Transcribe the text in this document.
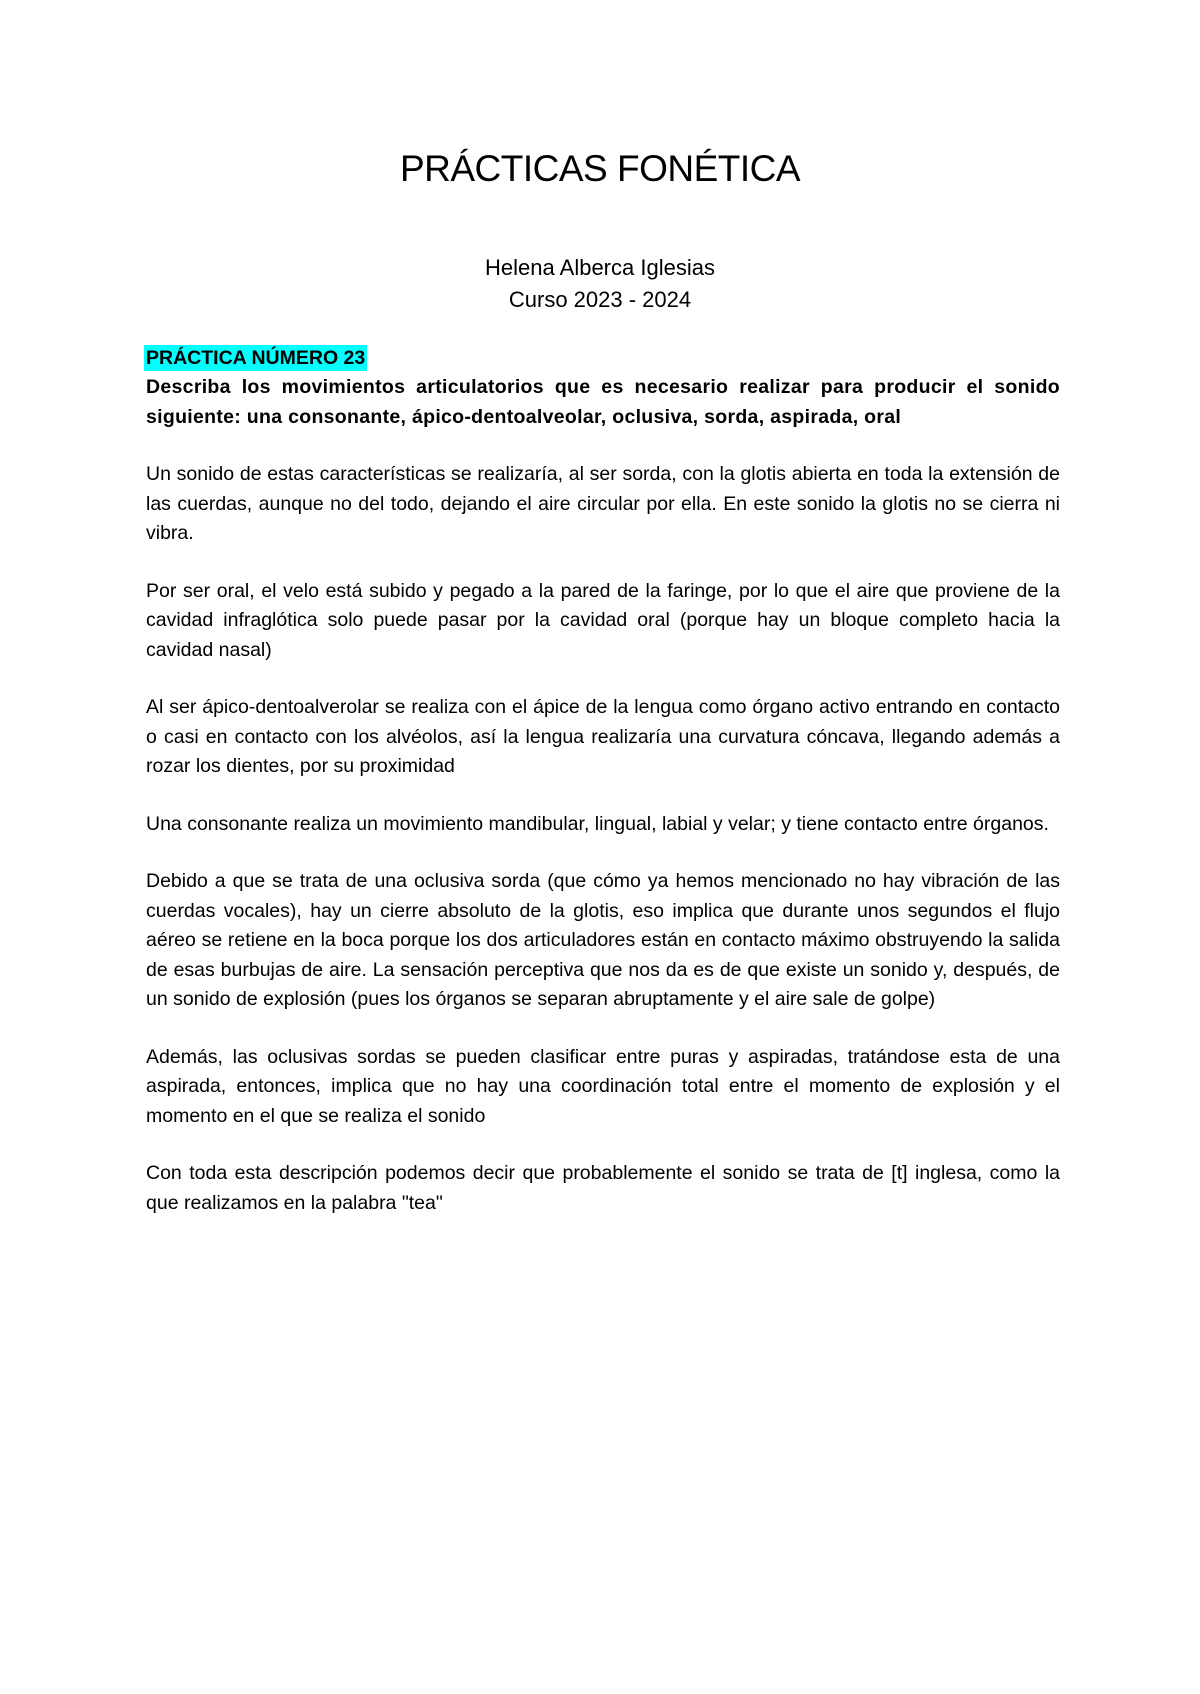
PRÁCTICAS FONÉTICA
Helena Alberca Iglesias
Curso 2023 - 2024
PRÁCTICA NÚMERO 23

Describa los movimientos articulatorios que es necesario realizar para producir el sonido siguiente: una consonante, ápico-dentoalveolar, oclusiva, sorda, aspirada, oral

Un sonido de estas características se realizaría, al ser sorda, con la glotis abierta en toda la extensión de las cuerdas, aunque no del todo, dejando el aire circular por ella. En este sonido la glotis no se cierra ni vibra.

Por ser oral, el velo está subido y pegado a la pared de la faringe, por lo que el aire que proviene de la cavidad infraglótica solo puede pasar por la cavidad oral (porque hay un bloque completo hacia la cavidad nasal)

Al ser ápico-dentoalverolar se realiza con el ápice de la lengua como órgano activo entrando en contacto o casi en contacto con los alvéolos, así la lengua realizaría una curvatura cóncava, llegando además a rozar los dientes, por su proximidad

Una consonante realiza un movimiento mandibular, lingual, labial y velar; y tiene contacto entre órganos.

Debido a que se trata de una oclusiva sorda (que cómo ya hemos mencionado no hay vibración de las cuerdas vocales), hay un cierre absoluto de la glotis, eso implica que durante unos segundos el flujo aéreo se retiene en la boca porque los dos articuladores están en contacto máximo obstruyendo la salida de esas burbujas de aire. La sensación perceptiva que nos da es de que existe un sonido y, después, de un sonido de explosión (pues los órganos se separan abruptamente y el aire sale de golpe)

Además, las oclusivas sordas se pueden clasificar entre puras y aspiradas, tratándose esta de una aspirada, entonces, implica que no hay una coordinación total entre el momento de explosión y el momento en el que se realiza el sonido

Con toda esta descripción podemos decir que probablemente el sonido se trata de [t] inglesa, como la que realizamos en la palabra "tea"
